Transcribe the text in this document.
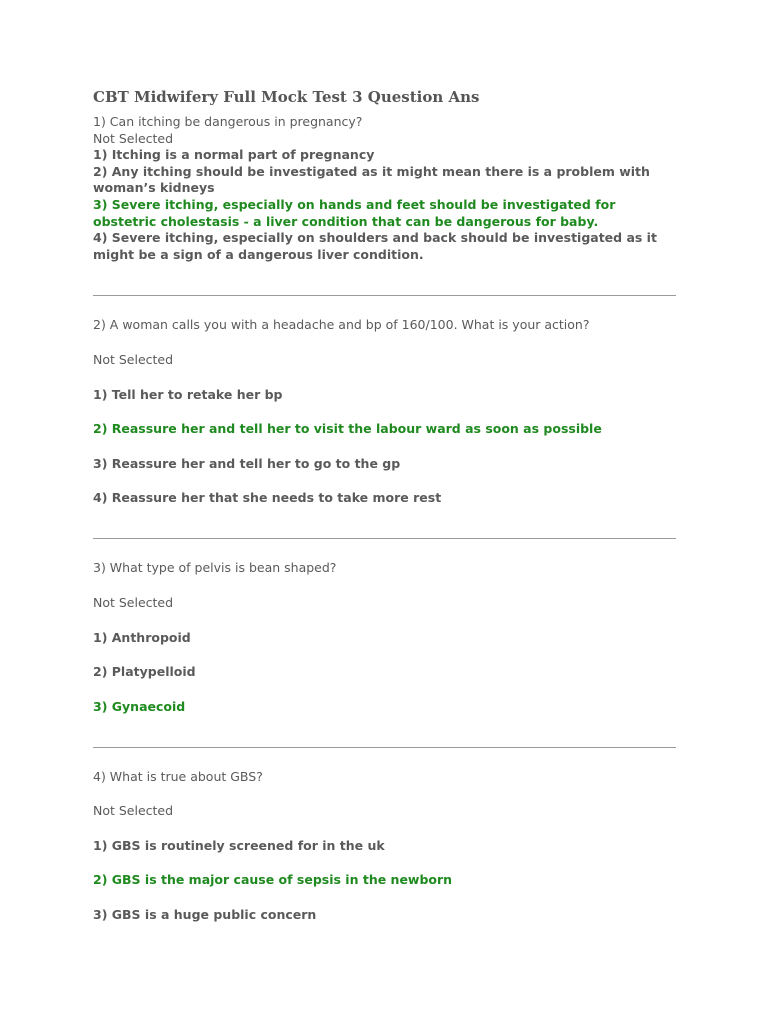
CBT Midwifery Full Mock Test 3 Question Ans
1) Can itching be dangerous in pregnancy?
Not Selected
1) Itching is a normal part of pregnancy
2) Any itching should be investigated as it might mean there is a problem with woman’s kidneys
3) Severe itching, especially on hands and feet should be investigated for obstetric cholestasis - a liver condition that can be dangerous for baby.
4) Severe itching, especially on shoulders and back should be investigated as it might be a sign of a dangerous liver condition.
2) A woman calls you with a headache and bp of 160/100. What is your action?
Not Selected
1) Tell her to retake her bp
2) Reassure her and tell her to visit the labour ward as soon as possible
3) Reassure her and tell her to go to the gp
4) Reassure her that she needs to take more rest
3) What type of pelvis is bean shaped?
Not Selected
1) Anthropoid
2) Platypelloid
3) Gynaecoid
4) What is true about GBS?
Not Selected
1) GBS is routinely screened for in the uk
2) GBS is the major cause of sepsis in the newborn
3) GBS is a huge public concern
